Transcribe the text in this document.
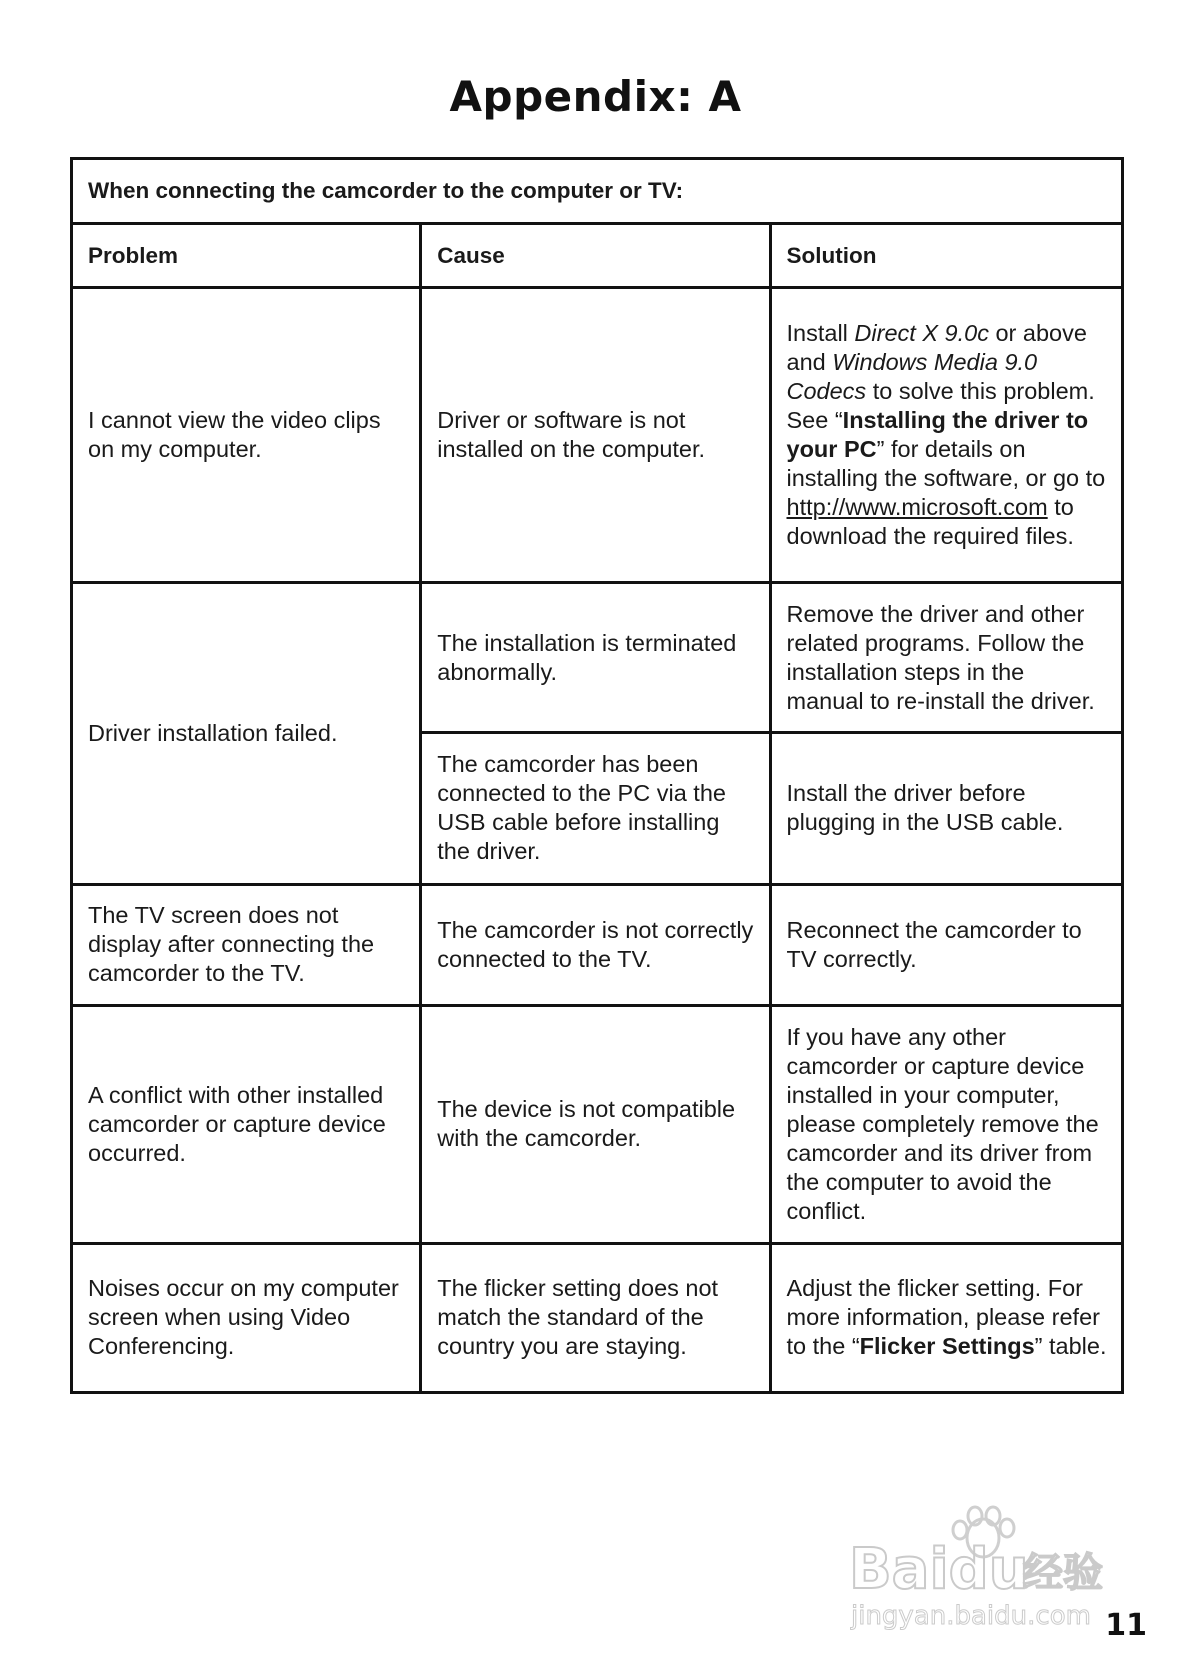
Appendix: A
When connecting the camcorder to the computer or TV:		
Problem	Cause	Solution
I cannot view the video clips on my computer.	Driver or software is not installed on the computer.	Install Direct X 9.0c or above and Windows Media 9.0 Codecs to solve this problem. See “Installing the driver to your PC” for details on installing the software, or go to http://www.microsoft.com to download the required files.
Driver installation failed.	The installation is terminated abnormally.	Remove the driver and other related programs. Follow the installation steps in the manual to re-install the driver.
	The camcorder has been connected to the PC via the USB cable before installing the driver.	Install the driver before plugging in the USB cable.
The TV screen does not display after connecting the camcorder to the TV.	The camcorder is not correctly connected to the TV.	Reconnect the camcorder to TV correctly.
A conflict with other installed camcorder or capture device occurred.	The device is not compatible with the camcorder.	If you have any other camcorder or capture device installed in your computer, please completely remove the camcorder and its driver from the computer to avoid the conflict.
Noises occur on my computer screen when using Video Conferencing.	The flicker setting does not match the standard of the country you are staying.	Adjust the flicker setting. For more information, please refer to the “Flicker Settings” table.
Baidu
经验
jingyan.baidu.com 11
